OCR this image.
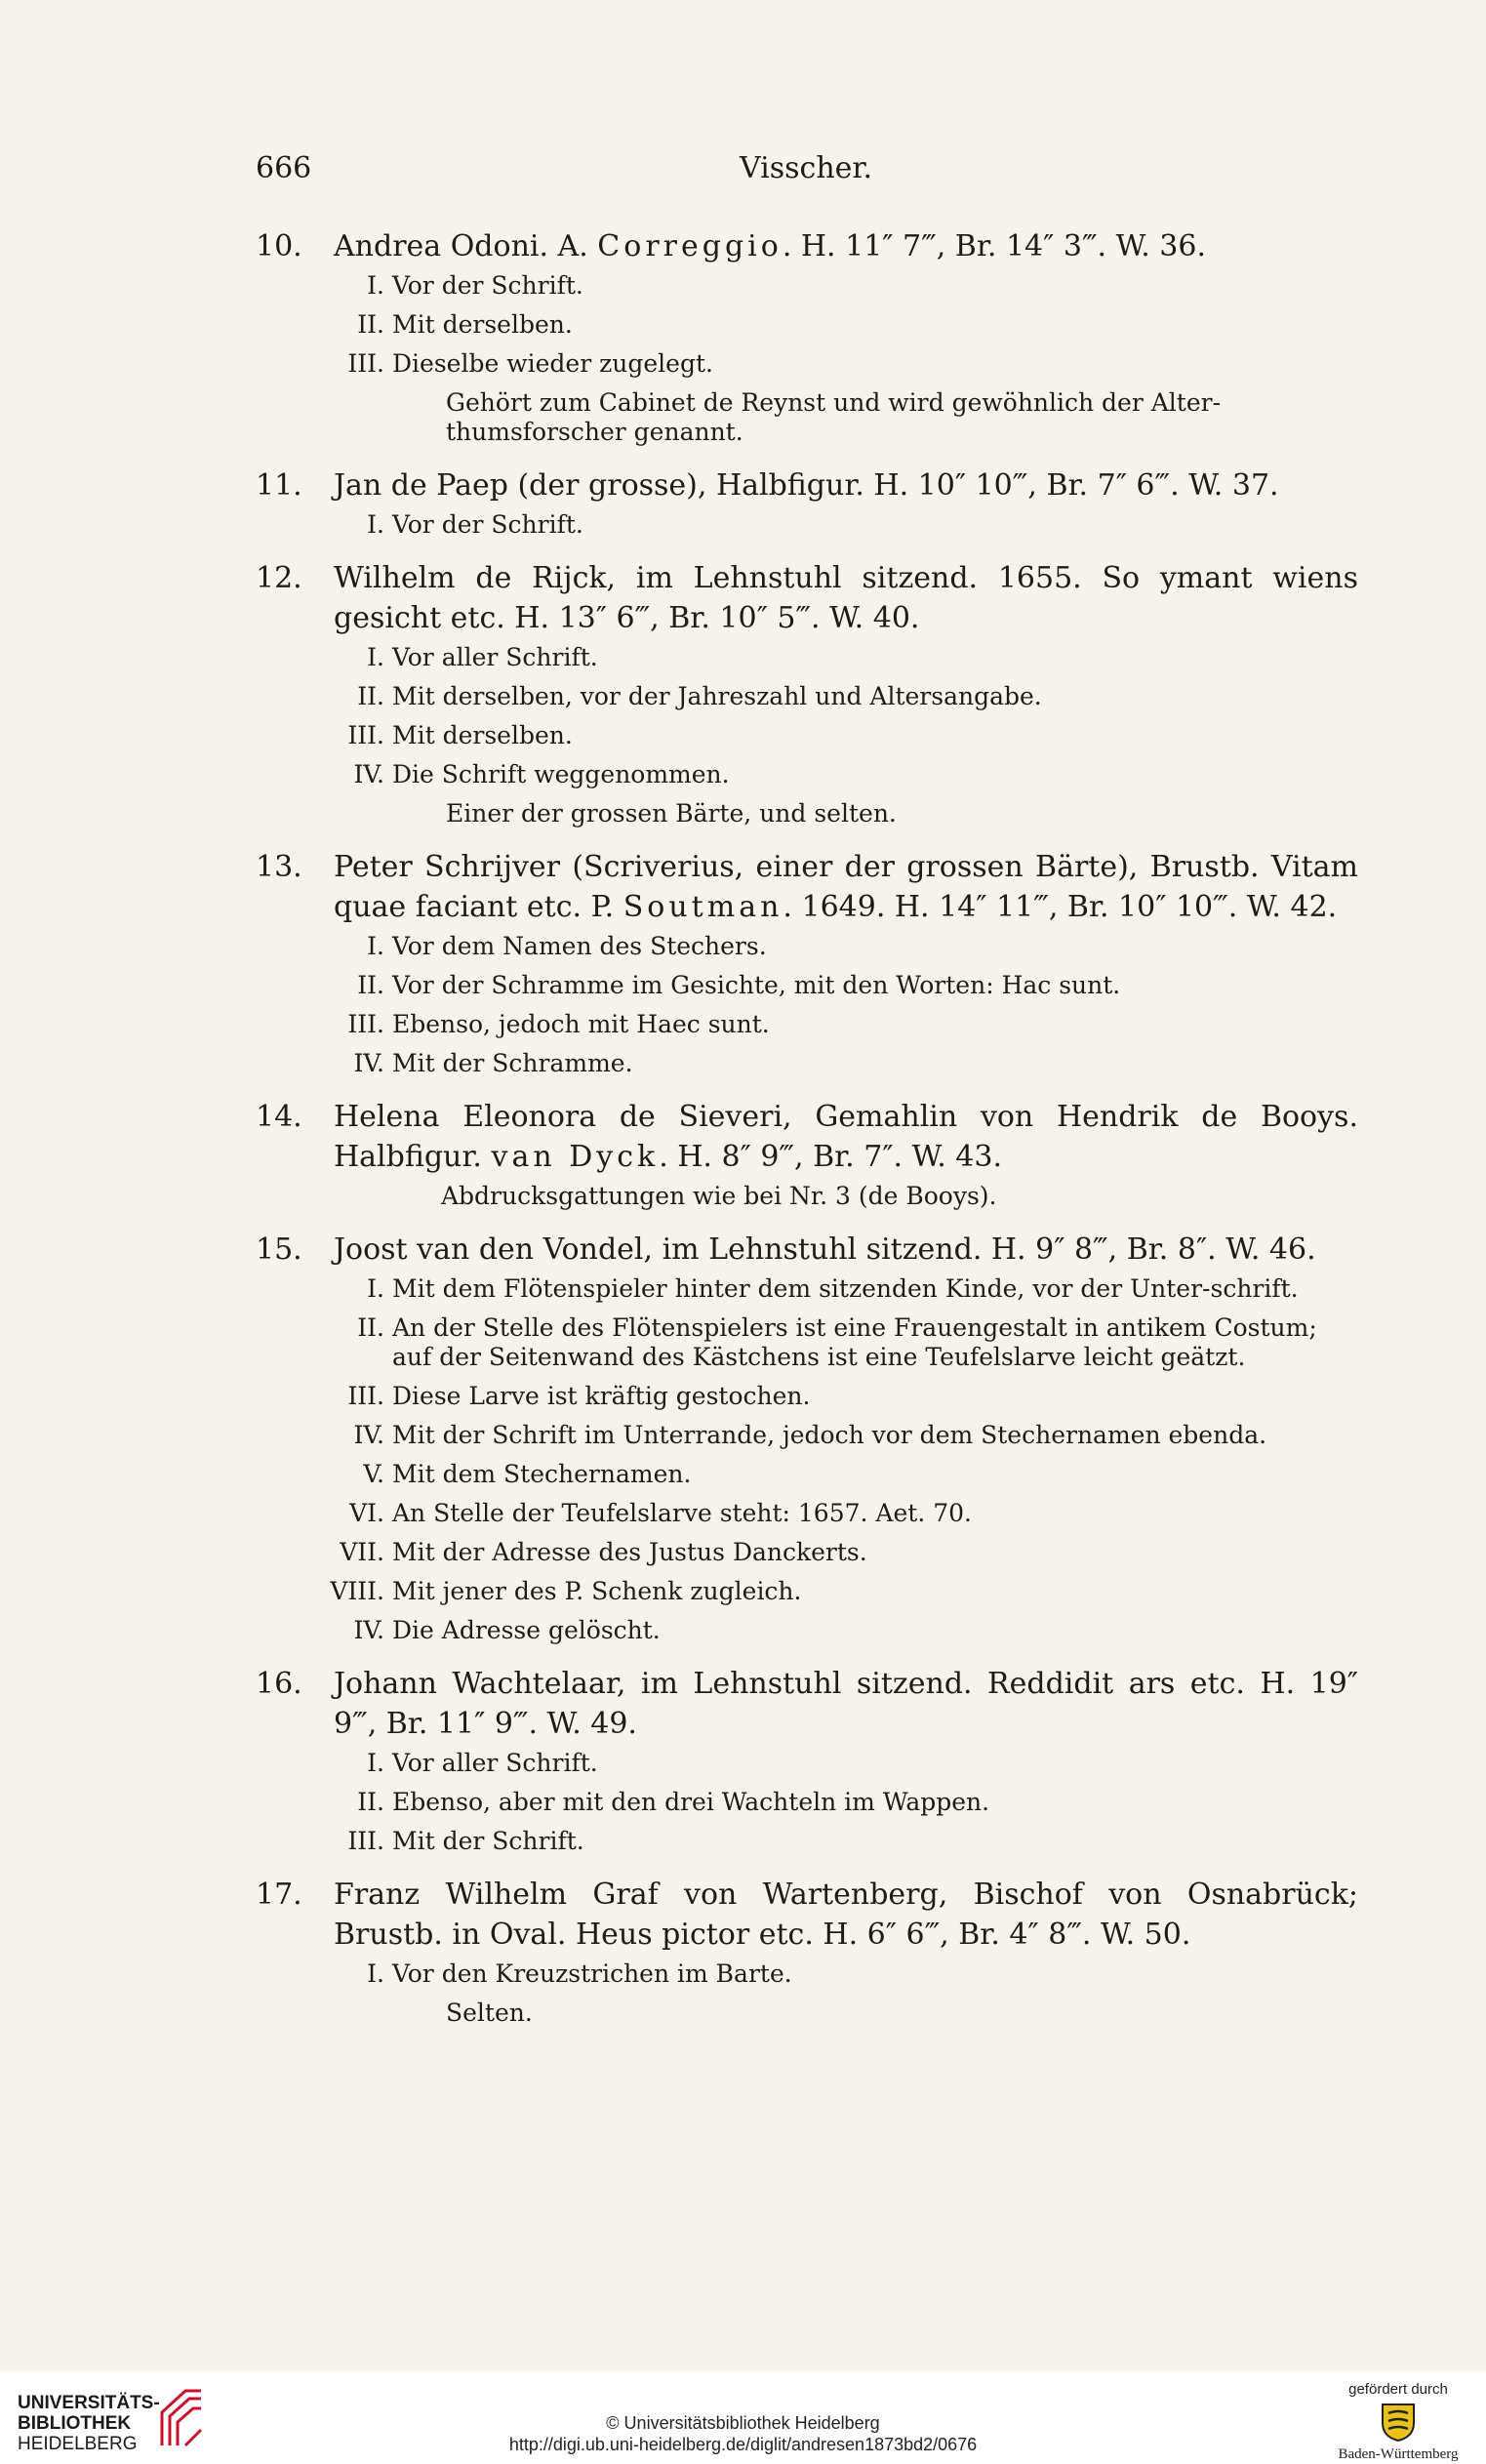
666	Visscher.
10. Andrea Odoni. A. Correggio. H. 11″ 7‴, Br. 14″ 3‴. W. 36.
I. Vor der Schrift.
II. Mit derselben.
III. Dieselbe wieder zugelegt.
Gehört zum Cabinet de Reynst und wird gewöhnlich der Alter-thumsforscher genannt.
11. Jan de Paep (der grosse), Halbfigur. H. 10″ 10‴, Br. 7″ 6‴. W. 37.
I. Vor der Schrift.
12. Wilhelm de Rijck, im Lehnstuhl sitzend. 1655. So ymant wiens gesicht etc. H. 13″ 6‴, Br. 10″ 5‴. W. 40.
I. Vor aller Schrift.
II. Mit derselben, vor der Jahreszahl und Altersangabe.
III. Mit derselben.
IV. Die Schrift weggenommen.
Einer der grossen Bärte, und selten.
13. Peter Schrijver (Scriverius, einer der grossen Bärte), Brustb. Vitam quae faciant etc. P. Soutman. 1649. H. 14″ 11‴, Br. 10″ 10‴. W. 42.
I. Vor dem Namen des Stechers.
II. Vor der Schramme im Gesichte, mit den Worten: Hac sunt.
III. Ebenso, jedoch mit Haec sunt.
IV. Mit der Schramme.
14. Helena Eleonora de Sieveri, Gemahlin von Hendrik de Booys. Halbfigur. van Dyck. H. 8″ 9‴, Br. 7″. W. 43.
Abdrucksgattungen wie bei Nr. 3 (de Booys).
15. Joost van den Vondel, im Lehnstuhl sitzend. H. 9″ 8‴, Br. 8″. W. 46.
I. Mit dem Flötenspieler hinter dem sitzenden Kinde, vor der Unter-schrift.
II. An der Stelle des Flötenspielers ist eine Frauengestalt in antikem Costum; auf der Seitenwand des Kästchens ist eine Teufelslarve leicht geätzt.
III. Diese Larve ist kräftig gestochen.
IV. Mit der Schrift im Unterrande, jedoch vor dem Stechernamen ebenda.
V. Mit dem Stechernamen.
VI. An Stelle der Teufelslarve steht: 1657. Aet. 70.
VII. Mit der Adresse des Justus Danckerts.
VIII. Mit jener des P. Schenk zugleich.
IV. Die Adresse gelöscht.
16. Johann Wachtelaar, im Lehnstuhl sitzend. Reddidit ars etc. H. 19″ 9‴, Br. 11″ 9‴. W. 49.
I. Vor aller Schrift.
II. Ebenso, aber mit den drei Wachteln im Wappen.
III. Mit der Schrift.
17. Franz Wilhelm Graf von Wartenberg, Bischof von Osnabrück; Brustb. in Oval. Heus pictor etc. H. 6″ 6‴, Br. 4″ 8‴. W. 50.
I. Vor den Kreuzstrichen im Barte.
Selten.
UNIVERSITÄTS-
BIBLIOTHEK
HEIDELBERG
© Universitätsbibliothek Heidelberg
http://digi.ub.uni-heidelberg.de/diglit/andresen1873bd2/0676
gefördert durch
Baden-Württemberg
